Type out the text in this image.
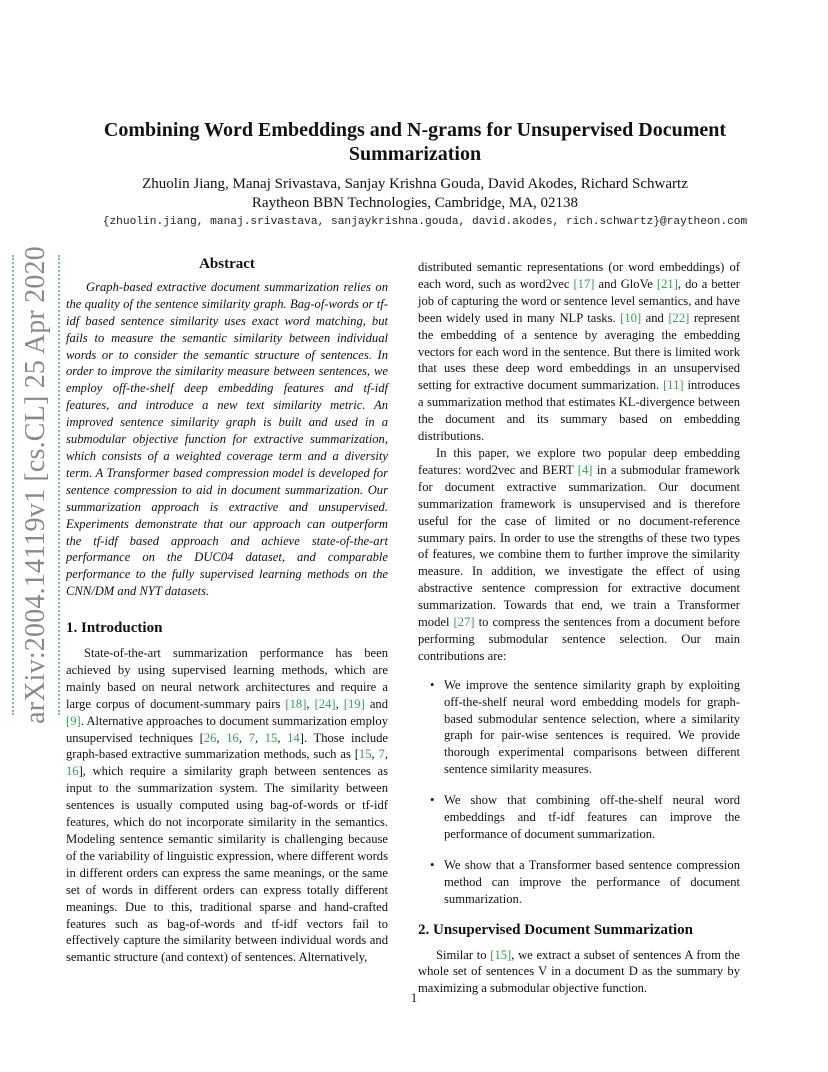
arXiv:2004.14119v1 [cs.CL] 25 Apr 2020
Combining Word Embeddings and N-grams for Unsupervised Document Summarization
Zhuolin Jiang, Manaj Srivastava, Sanjay Krishna Gouda, David Akodes, Richard Schwartz
Raytheon BBN Technologies, Cambridge, MA, 02138
{zhuolin.jiang, manaj.srivastava, sanjaykrishna.gouda, david.akodes, rich.schwartz}@raytheon.com
Abstract

Graph-based extractive document summarization relies on the quality of the sentence similarity graph. Bag-of-words or tf-idf based sentence similarity uses exact word matching, but fails to measure the semantic similarity between individual words or to consider the semantic structure of sentences. In order to improve the similarity measure between sentences, we employ off-the-shelf deep embedding features and tf-idf features, and introduce a new text similarity metric. An improved sentence similarity graph is built and used in a submodular objective function for extractive summarization, which consists of a weighted coverage term and a diversity term. A Transformer based compression model is developed for sentence compression to aid in document summarization. Our summarization approach is extractive and unsupervised. Experiments demonstrate that our approach can outperform the tf-idf based approach and achieve state-of-the-art performance on the DUC04 dataset, and comparable performance to the fully supervised learning methods on the CNN/DM and NYT datasets.

1. Introduction

State-of-the-art summarization performance has been achieved by using supervised learning methods, which are mainly based on neural network architectures and require a large corpus of document-summary pairs [18], [24], [19] and [9]. Alternative approaches to document summarization employ unsupervised techniques [26, 16, 7, 15, 14]. Those include graph-based extractive summarization methods, such as [15, 7, 16], which require a similarity graph between sentences as input to the summarization system. The similarity between sentences is usually computed using bag-of-words or tf-idf features, which do not incorporate similarity in the semantics. Modeling sentence semantic similarity is challenging because of the variability of linguistic expression, where different words in different orders can express the same meanings, or the same set of words in different orders can express totally different meanings. Due to this, traditional sparse and hand-crafted features such as bag-of-words and tf-idf vectors fail to effectively capture the similarity between individual words and semantic structure (and context) of sentences. Alternatively,

distributed semantic representations (or word embeddings) of each word, such as word2vec [17] and GloVe [21], do a better job of capturing the word or sentence level semantics, and have been widely used in many NLP tasks. [10] and [22] represent the embedding of a sentence by averaging the embedding vectors for each word in the sentence. But there is limited work that uses these deep word embeddings in an unsupervised setting for extractive document summarization. [11] introduces a summarization method that estimates KL-divergence between the document and its summary based on embedding distributions.

In this paper, we explore two popular deep embedding features: word2vec and BERT [4] in a submodular framework for document extractive summarization. Our document summarization framework is unsupervised and is therefore useful for the case of limited or no document-reference summary pairs. In order to use the strengths of these two types of features, we combine them to further improve the similarity measure. In addition, we investigate the effect of using abstractive sentence compression for extractive document summarization. Towards that end, we train a Transformer model [27] to compress the sentences from a document before performing submodular sentence selection. Our main contributions are:

• We improve the sentence similarity graph by exploiting off-the-shelf neural word embedding models for graph-based submodular sentence selection, where a similarity graph for pair-wise sentences is required. We provide thorough experimental comparisons between different sentence similarity measures.
• We show that combining off-the-shelf neural word embeddings and tf-idf features can improve the performance of document summarization.
• We show that a Transformer based sentence compression method can improve the performance of document summarization.
2. Unsupervised Document Summarization

Similar to [15], we extract a subset of sentences A from the whole set of sentences V in a document D as the summary by maximizing a submodular objective function.

1
